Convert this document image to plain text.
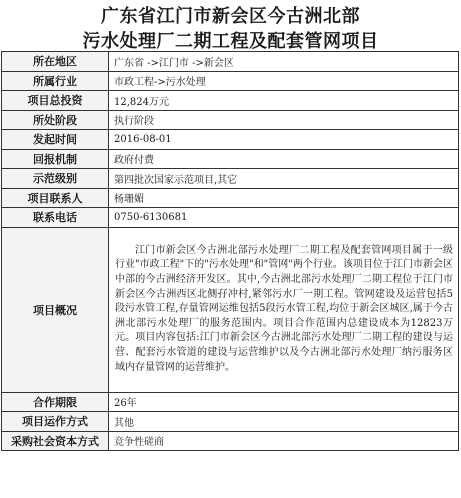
广东省江门市新会区今古洲北部
污水处理厂二期工程及配套管网项目
所在地区	广东省 ->江门市 ->新会区
所属行业	市政工程->污水处理
项目总投资	12,824万元
所处阶段	执行阶段
发起时间	2016-08-01
回报机制	政府付费
示范级别	第四批次国家示范项目,其它
项目联系人	杨珊媚
联系电话	0750-6130681
项目概况	江门市新会区今古洲北部污水处理厂二期工程及配套管网项目属于一级行业"市政工程"下的"污水处理"和"管网"两个行业。该项目位于江门市新会区中部的今古洲经济开发区。其中,今古洲北部污水处理厂二期工程位于江门市新会区今古洲西区北侧孖冲村,紧邻污水厂一期工程。管网建设及运营包括5段污水管工程,存量管网运维包括5段污水管工程,均位于新会区城区,属于今古洲北部污水处理厂的服务范围内。项目合作范围内总建设成本为12823万元。项目内容包括:江门市新会区今古洲北部污水处理厂二期工程的建设与运营、配套污水管道的建设与运营维护以及今古洲北部污水处理厂纳污服务区域内存量管网的运营维护。
合作期限	26年
项目运作方式	其他
采购社会资本方式	竞争性磋商
